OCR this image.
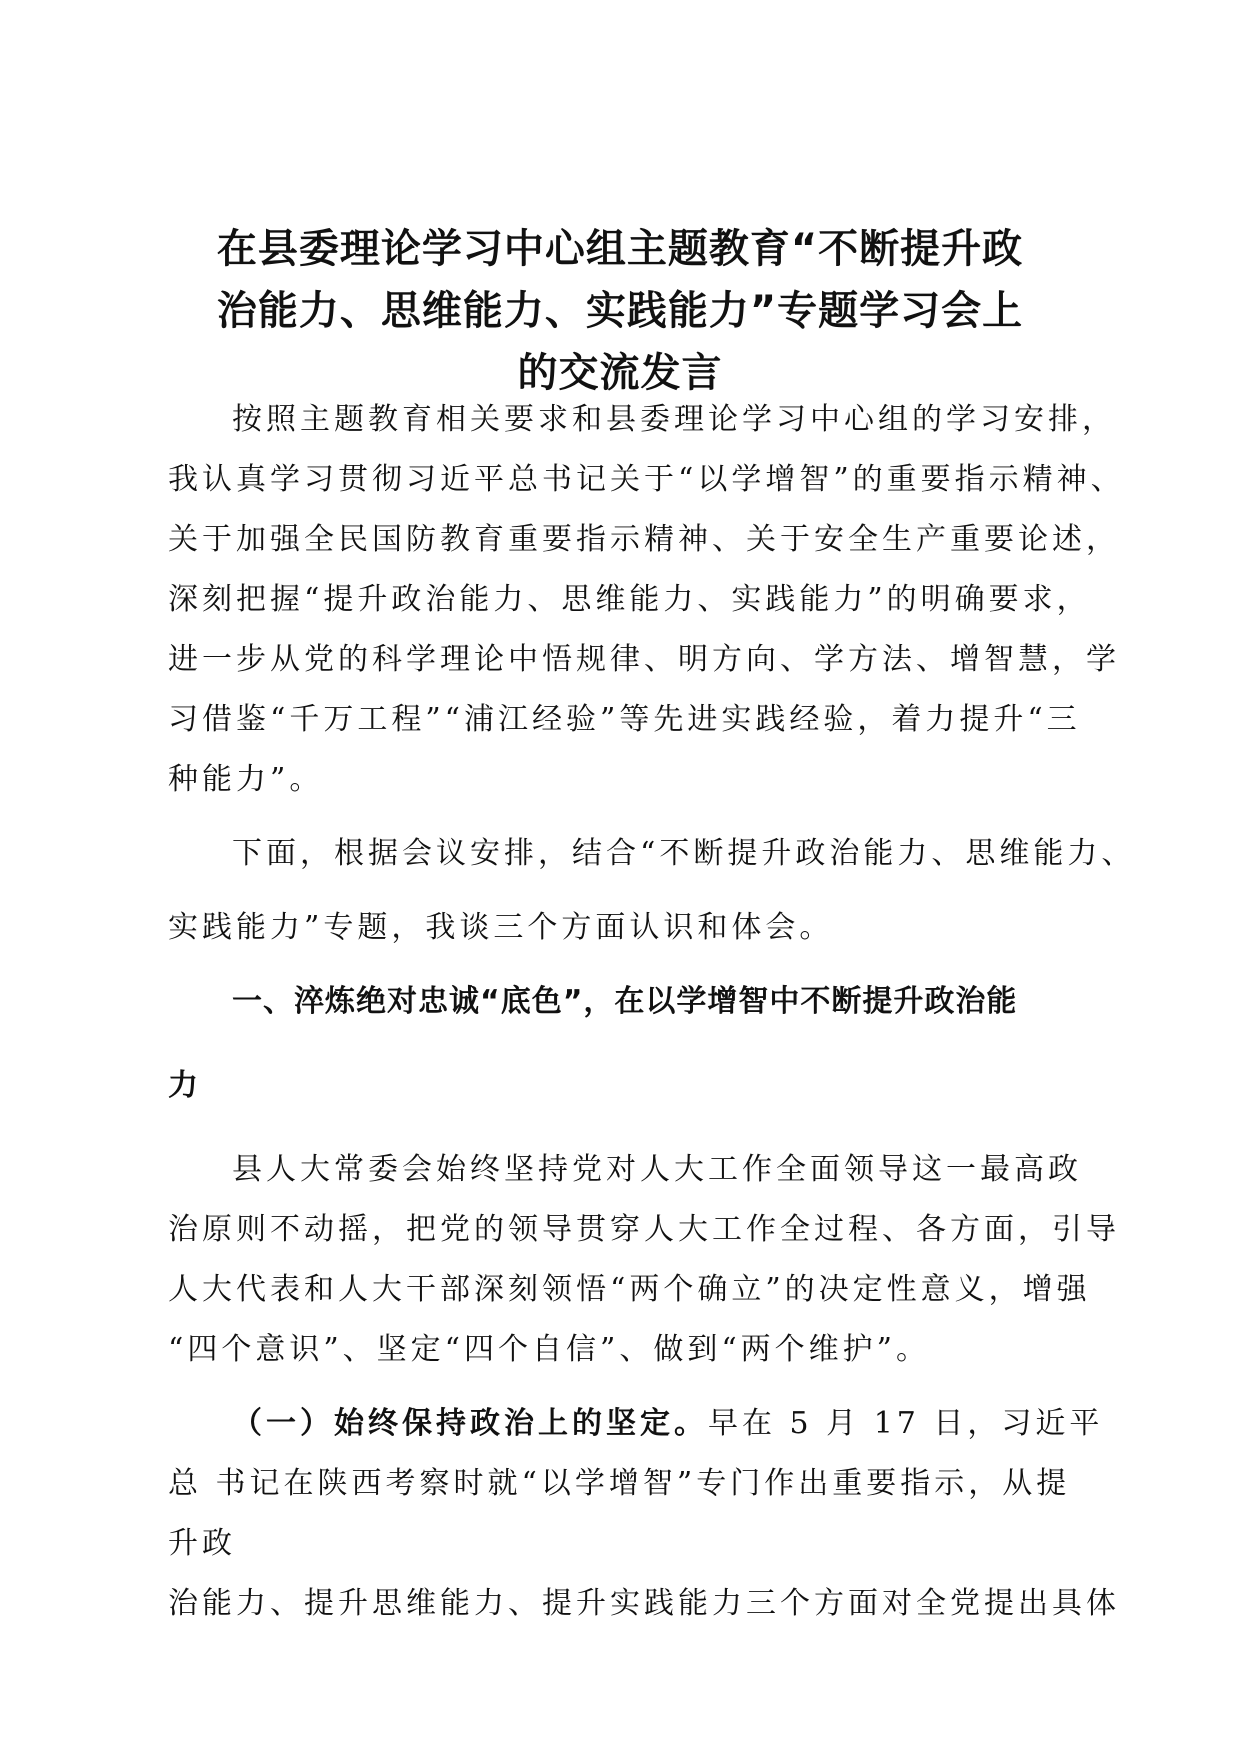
在县委理论学习中心组主题教育“不断提升政
治能力、思维能力、实践能力”专题学习会上
的交流发言
按照主题教育相关要求和县委理论学习中心组的学习安排，
我认真学习贯彻习近平总书记关于“以学增智”的重要指示精神、
关于加强全民国防教育重要指示精神、关于安全生产重要论述，
深刻把握“提升政治能力、思维能力、实践能力”的明确要求，
进一步从党的科学理论中悟规律、明方向、学方法、增智慧，学
习借鉴“千万工程”“浦江经验”等先进实践经验，着力提升“三
种能力”。
下面，根据会议安排，结合“不断提升政治能力、思维能力、
实践能力”专题，我谈三个方面认识和体会。
一、淬炼绝对忠诚“底色”，在以学增智中不断提升政治能
力
县人大常委会始终坚持党对人大工作全面领导这一最高政
治原则不动摇，把党的领导贯穿人大工作全过程、各方面，引导
人大代表和人大干部深刻领悟“两个确立”的决定性意义，增强
“四个意识”、坚定“四个自信”、做到“两个维护”。
（一）始终保持政治上的坚定。早在 5 月 17 日，习近平
总 书记在陕西考察时就“以学增智”专门作出重要指示，从提
升政
治能力、提升思维能力、提升实践能力三个方面对全党提出具体
